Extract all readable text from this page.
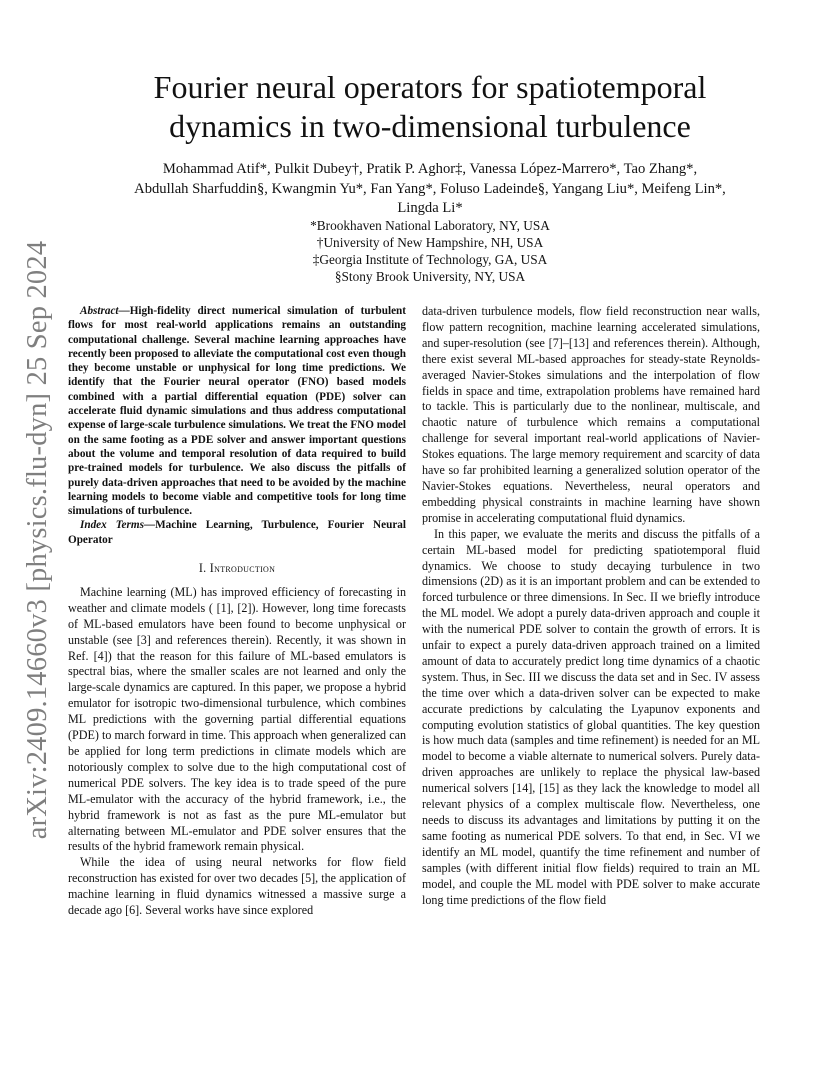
arXiv:2409.14660v3 [physics.flu-dyn] 25 Sep 2024
Fourier neural operators for spatiotemporal
dynamics in two-dimensional turbulence
Mohammad Atif*, Pulkit Dubey†, Pratik P. Aghor‡, Vanessa López-Marrero*, Tao Zhang*,
Abdullah Sharfuddin§, Kwangmin Yu*, Fan Yang*, Foluso Ladeinde§, Yangang Liu*, Meifeng Lin*,
Lingda Li*
*Brookhaven National Laboratory, NY, USA
†University of New Hampshire, NH, USA
‡Georgia Institute of Technology, GA, USA
§Stony Brook University, NY, USA

Abstract—High-fidelity direct numerical simulation of turbulent flows for most real-world applications remains an outstanding computational challenge. Several machine learning approaches have recently been proposed to alleviate the computational cost even though they become unstable or unphysical for long time predictions. We identify that the Fourier neural operator (FNO) based models combined with a partial differential equation (PDE) solver can accelerate fluid dynamic simulations and thus address computational expense of large-scale turbulence simulations. We treat the FNO model on the same footing as a PDE solver and answer important questions about the volume and temporal resolution of data required to build pre-trained models for turbulence. We also discuss the pitfalls of purely data-driven approaches that need to be avoided by the machine learning models to become viable and competitive tools for long time simulations of turbulence.

Index Terms—Machine Learning, Turbulence, Fourier Neural Operator

I. Introduction

Machine learning (ML) has improved efficiency of forecasting in weather and climate models ( [1], [2]). However, long time forecasts of ML-based emulators have been found to become unphysical or unstable (see [3] and references therein). Recently, it was shown in Ref. [4]) that the reason for this failure of ML-based emulators is spectral bias, where the smaller scales are not learned and only the large-scale dynamics are captured. In this paper, we propose a hybrid emulator for isotropic two-dimensional turbulence, which combines ML predictions with the governing partial differential equations (PDE) to march forward in time. This approach when generalized can be applied for long term predictions in climate models which are notoriously complex to solve due to the high computational cost of numerical PDE solvers. The key idea is to trade speed of the pure ML-emulator with the accuracy of the hybrid framework, i.e., the hybrid framework is not as fast as the pure ML-emulator but alternating between ML-emulator and PDE solver ensures that the results of the hybrid framework remain physical.

While the idea of using neural networks for flow field reconstruction has existed for over two decades [5], the application of machine learning in fluid dynamics witnessed a massive surge a decade ago [6]. Several works have since explored

data-driven turbulence models, flow field reconstruction near walls, flow pattern recognition, machine learning accelerated simulations, and super-resolution (see [7]–[13] and references therein). Although, there exist several ML-based approaches for steady-state Reynolds-averaged Navier-Stokes simulations and the interpolation of flow fields in space and time, extrapolation problems have remained hard to tackle. This is particularly due to the nonlinear, multiscale, and chaotic nature of turbulence which remains a computational challenge for several important real-world applications of Navier-Stokes equations. The large memory requirement and scarcity of data have so far prohibited learning a generalized solution operator of the Navier-Stokes equations. Nevertheless, neural operators and embedding physical constraints in machine learning have shown promise in accelerating computational fluid dynamics.

In this paper, we evaluate the merits and discuss the pitfalls of a certain ML-based model for predicting spatiotemporal fluid dynamics. We choose to study decaying turbulence in two dimensions (2D) as it is an important problem and can be extended to forced turbulence or three dimensions. In Sec. II we briefly introduce the ML model. We adopt a purely data-driven approach and couple it with the numerical PDE solver to contain the growth of errors. It is unfair to expect a purely data-driven approach trained on a limited amount of data to accurately predict long time dynamics of a chaotic system. Thus, in Sec. III we discuss the data set and in Sec. IV assess the time over which a data-driven solver can be expected to make accurate predictions by calculating the Lyapunov exponents and computing evolution statistics of global quantities. The key question is how much data (samples and time refinement) is needed for an ML model to become a viable alternate to numerical solvers. Purely data-driven approaches are unlikely to replace the physical law-based numerical solvers [14], [15] as they lack the knowledge to model all relevant physics of a complex multiscale flow. Nevertheless, one needs to discuss its advantages and limitations by putting it on the same footing as numerical PDE solvers. To that end, in Sec. VI we identify an ML model, quantify the time refinement and number of samples (with different initial flow fields) required to train an ML model, and couple the ML model with PDE solver to make accurate long time predictions of the flow field
